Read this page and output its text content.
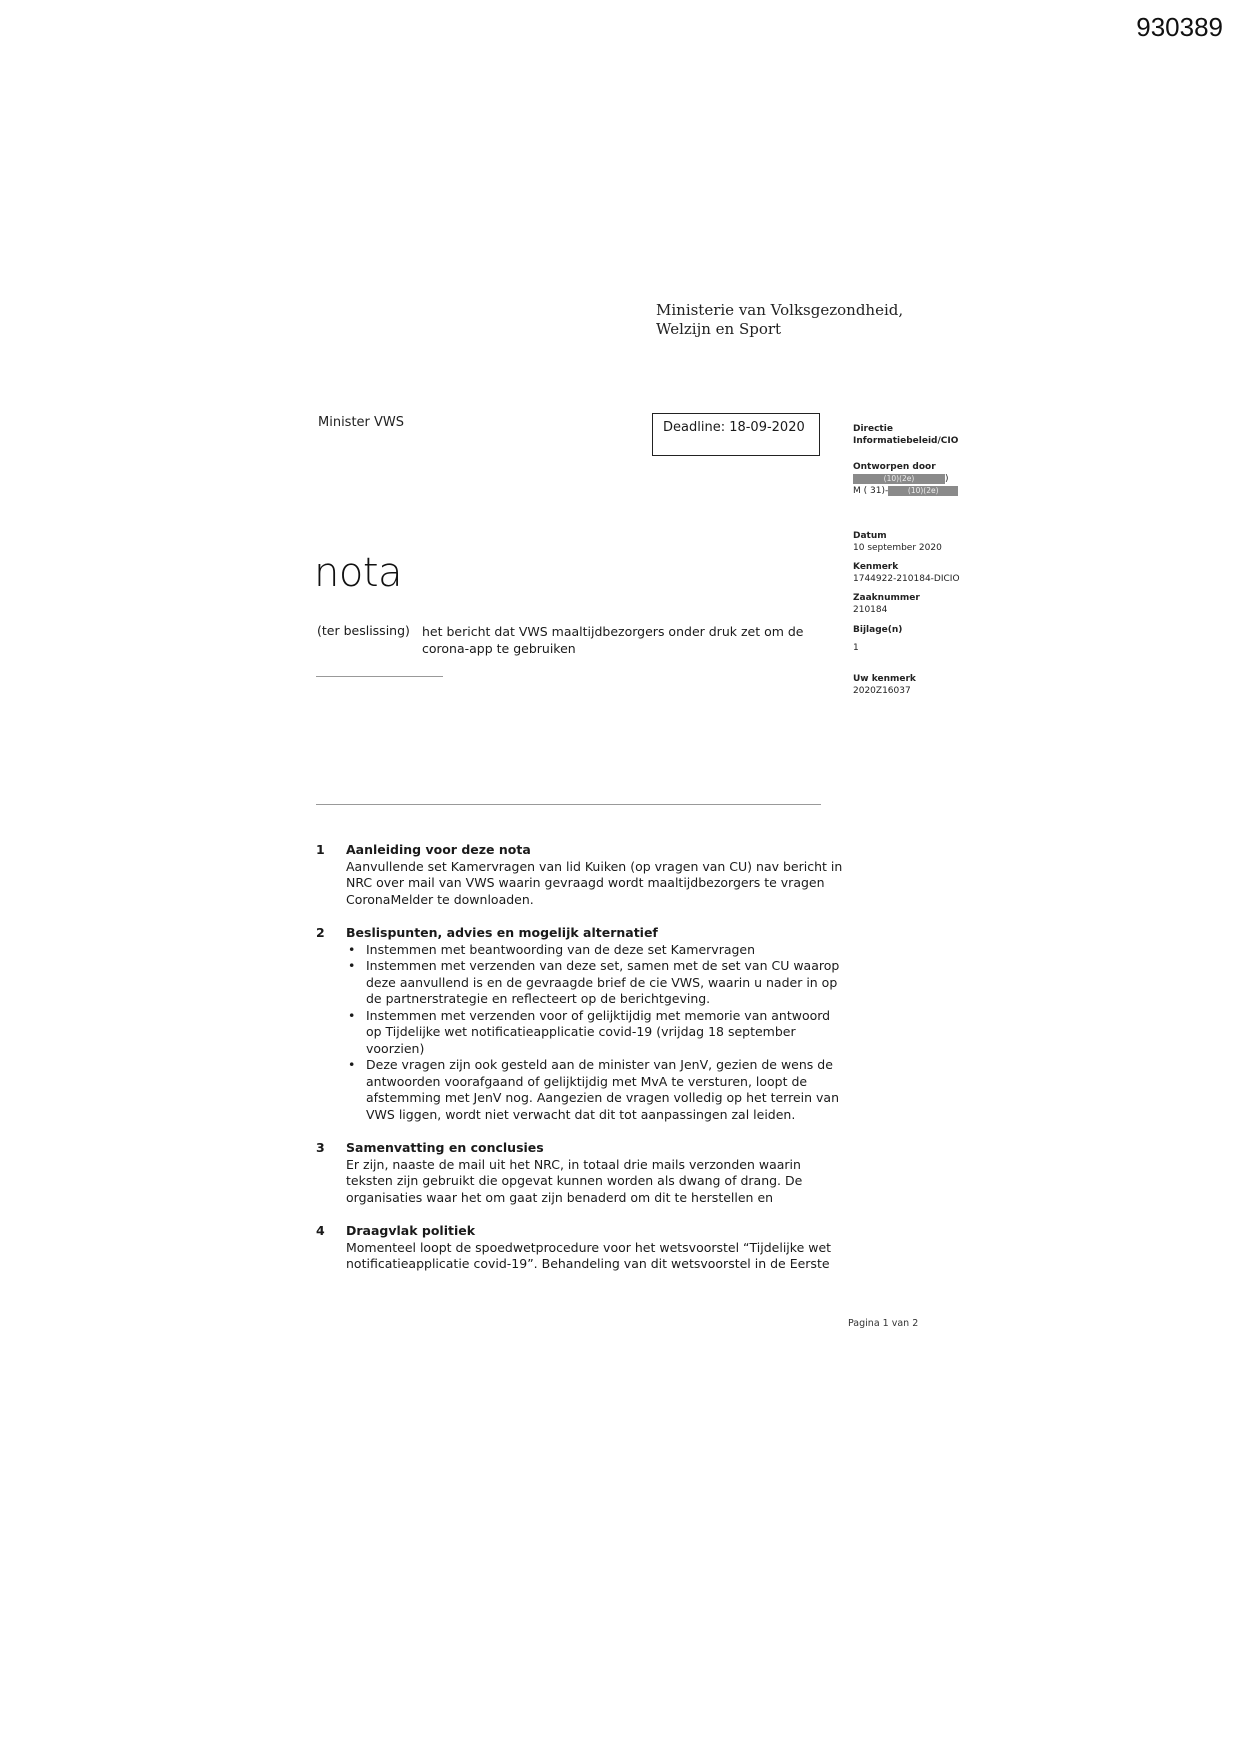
930389
Ministerie van Volksgezondheid,
Welzijn en Sport
Minister VWS	Deadline: 18-09-2020
nota
(ter beslissing) het bericht dat VWS maaltijdbezorgers onder druk zet om de corona-app te gebruiken
Directie
Informatiebeleid/CIO
Ontworpen door
(10)(2e)	)
M ( 31)-	(10)(2e)
Datum
10 september 2020
Kenmerk
1744922-210184-DICIO
Zaaknummer
210184
Bijlage(n)
1
Uw kenmerk
2020Z16037
1 Aanleiding voor deze nota
Aanvullende set Kamervragen van lid Kuiken (op vragen van CU) nav bericht in NRC over mail van VWS waarin gevraagd wordt maaltijdbezorgers te vragen CoronaMelder te downloaden.
2 Beslispunten, advies en mogelijk alternatief
• Instemmen met beantwoording van de deze set Kamervragen
• Instemmen met verzenden van deze set, samen met de set van CU waarop deze aanvullend is en de gevraagde brief de cie VWS, waarin u nader in op de partnerstrategie en reflecteert op de berichtgeving.
• Instemmen met verzenden voor of gelijktijdig met memorie van antwoord op Tijdelijke wet notificatieapplicatie covid-19 (vrijdag 18 september voorzien)
• Deze vragen zijn ook gesteld aan de minister van JenV, gezien de wens de antwoorden voorafgaand of gelijktijdig met MvA te versturen, loopt de afstemming met JenV nog. Aangezien de vragen volledig op het terrein van VWS liggen, wordt niet verwacht dat dit tot aanpassingen zal leiden.
3 Samenvatting en conclusies
Er zijn, naaste de mail uit het NRC, in totaal drie mails verzonden waarin teksten zijn gebruikt die opgevat kunnen worden als dwang of drang. De organisaties waar het om gaat zijn benaderd om dit te herstellen en
4 Draagvlak politiek
Momenteel loopt de spoedwetprocedure voor het wetsvoorstel “Tijdelijke wet notificatieapplicatie covid-19”. Behandeling van dit wetsvoorstel in de Eerste
Pagina 1 van 2
